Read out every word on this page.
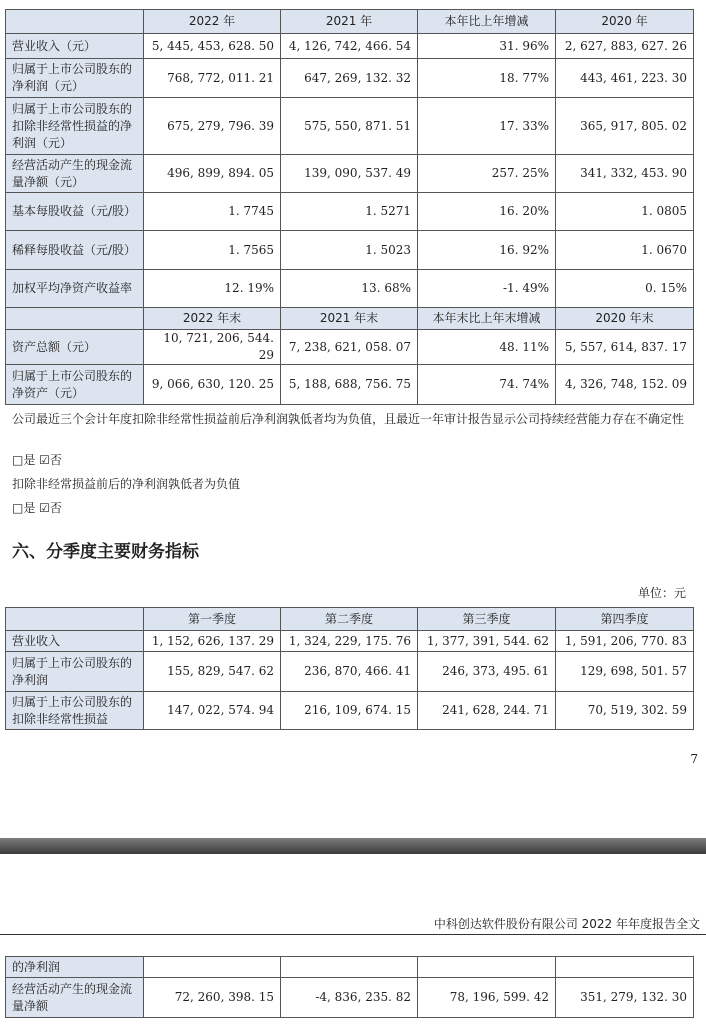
	2022 年	2021 年	本年比上年增减	2020 年
营业收入（元）	5, 445, 453, 628. 50	4, 126, 742, 466. 54	31. 96%	2, 627, 883, 627. 26
归属于上市公司股东的净利润（元）	768, 772, 011. 21	647, 269, 132. 32	18. 77%	443, 461, 223. 30
归属于上市公司股东的扣除非经常性损益的净利润（元）	675, 279, 796. 39	575, 550, 871. 51	17. 33%	365, 917, 805. 02
经营活动产生的现金流量净额（元）	496, 899, 894. 05	139, 090, 537. 49	257. 25%	341, 332, 453. 90
基本每股收益（元/股）	1. 7745	1. 5271	16. 20%	1. 0805
稀释每股收益（元/股）	1. 7565	1. 5023	16. 92%	1. 0670
加权平均净资产收益率	12. 19%	13. 68%	-1. 49%	0. 15%
	2022 年末	2021 年末	本年末比上年末增减	2020 年末
资产总额（元）	10, 721, 206, 544. 29	7, 238, 621, 058. 07	48. 11%	5, 557, 614, 837. 17
归属于上市公司股东的净资产（元）	9, 066, 630, 120. 25	5, 188, 688, 756. 75	74. 74%	4, 326, 748, 152. 09
公司最近三个会计年度扣除非经常性损益前后净利润孰低者均为负值，且最近一年审计报告显示公司持续经营能力存在不确定性
□是 ☑否
扣除非经常损益前后的净利润孰低者为负值
□是 ☑否
六、分季度主要财务指标
单位：元
	第一季度	第二季度	第三季度	第四季度
营业收入	1, 152, 626, 137. 29	1, 324, 229, 175. 76	1, 377, 391, 544. 62	1, 591, 206, 770. 83
归属于上市公司股东的净利润	155, 829, 547. 62	236, 870, 466. 41	246, 373, 495. 61	129, 698, 501. 57
归属于上市公司股东的扣除非经常性损益	147, 022, 574. 94	216, 109, 674. 15	241, 628, 244. 71	70, 519, 302. 59
7
中科创达软件股份有限公司 2022 年年度报告全文
的净利润				
经营活动产生的现金流量净额	72, 260, 398. 15	-4, 836, 235. 82	78, 196, 599. 42	351, 279, 132. 30
